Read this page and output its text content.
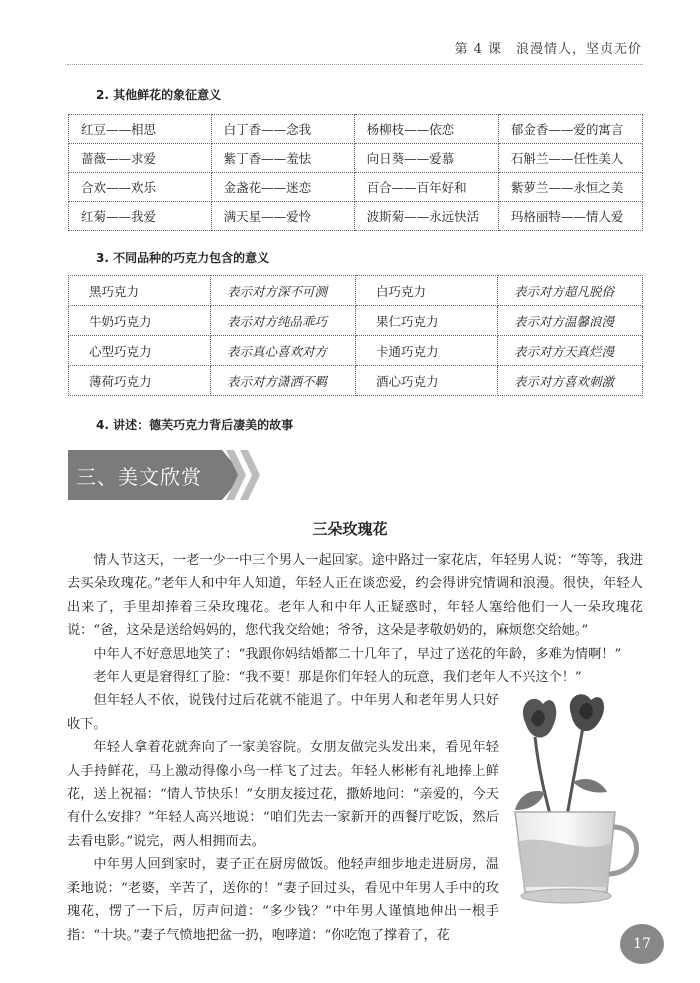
第 4 课　浪漫情人，坚贞无价
2. 其他鲜花的象征意义
红豆——相思	白丁香——念我	杨柳枝——依恋	郁金香——爱的寓言
蔷薇——求爱	紫丁香——羞怯	向日葵——爱慕	石斛兰——任性美人
合欢——欢乐	金盏花——迷恋	百合——百年好和	紫萝兰——永恒之美
红菊——我爱	满天星——爱怜	波斯菊——永远快活	玛格丽特——情人爱
3. 不同品种的巧克力包含的意义
黑巧克力	表示对方深不可测	白巧克力	表示对方超凡脱俗
牛奶巧克力	表示对方纯品乖巧	果仁巧克力	表示对方温馨浪漫
心型巧克力	表示真心喜欢对方	卡通巧克力	表示对方天真烂漫
薄荷巧克力	表示对方潇洒不羁	酒心巧克力	表示对方喜欢刺激
4. 讲述：德芙巧克力背后凄美的故事
三、美文欣赏
三朵玫瑰花

情人节这天，一老一少一中三个男人一起回家。途中路过一家花店，年轻男人说：“等等，我进去买朵玫瑰花。”老年人和中年人知道，年轻人正在谈恋爱，约会得讲究情调和浪漫。很快，年轻人出来了，手里却捧着三朵玫瑰花。老年人和中年人正疑惑时，年轻人塞给他们一人一朵玫瑰花说：“爸，这朵是送给妈妈的，您代我交给她；爷爷，这朵是孝敬奶奶的，麻烦您交给她。”

中年人不好意思地笑了：“我跟你妈结婚都二十几年了，早过了送花的年龄，多难为情啊！”

老年人更是窘得红了脸：“我不要！那是你们年轻人的玩意，我们老年人不兴这个！”

但年轻人不依，说钱付过后花就不能退了。中年男人和老年男人只好收下。

年轻人拿着花就奔向了一家美容院。女朋友做完头发出来，看见年轻人手持鲜花，马上激动得像小鸟一样飞了过去。年轻人彬彬有礼地捧上鲜花，送上祝福：“情人节快乐！”女朋友接过花，撒娇地问：“亲爱的，今天有什么安排？”年轻人高兴地说：“咱们先去一家新开的西餐厅吃饭，然后去看电影。”说完，两人相拥而去。

中年男人回到家时，妻子正在厨房做饭。他轻声细步地走进厨房，温柔地说：“老婆，辛苦了，送你的！”妻子回过头，看见中年男人手中的玫瑰花，愣了一下后，厉声问道：“多少钱？”中年男人谨慎地伸出一根手指：“十块。”妻子气愤地把盆一扔，咆哮道：“你吃饱了撑着了，花

17
